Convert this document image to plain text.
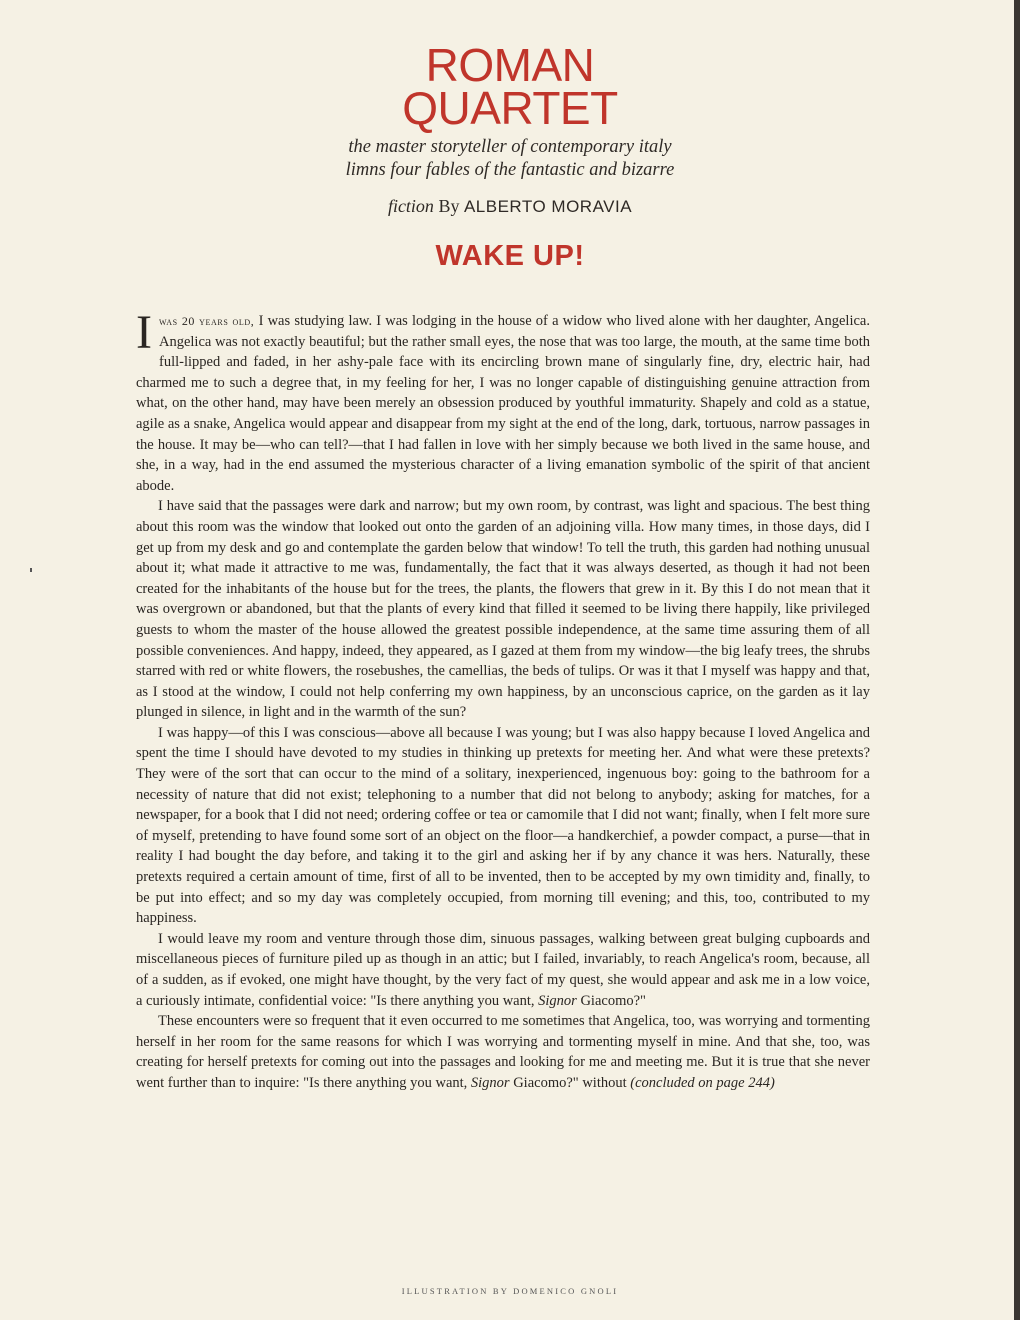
ROMAN
QUARTET
the master storyteller of contemporary italy
limns four fables of the fantastic and bizarre
fiction By ALBERTO MORAVIA
WAKE UP!

Iwas 20 years old, I was studying law. I was lodging in the house of a widow who lived alone with her daughter, Angelica. Angelica was not exactly beautiful; but the rather small eyes, the nose that was too large, the mouth, at the same time both full-lipped and faded, in her ashy-pale face with its encircling brown mane of singularly fine, dry, electric hair, had charmed me to such a degree that, in my feeling for her, I was no longer capable of distinguishing genuine attraction from what, on the other hand, may have been merely an obsession produced by youthful immaturity. Shapely and cold as a statue, agile as a snake, Angelica would appear and disappear from my sight at the end of the long, dark, tortuous, narrow passages in the house. It may be—who can tell?—that I had fallen in love with her simply because we both lived in the same house, and she, in a way, had in the end assumed the mysterious character of a living emanation symbolic of the spirit of that ancient abode.

I have said that the passages were dark and narrow; but my own room, by contrast, was light and spacious. The best thing about this room was the window that looked out onto the garden of an adjoining villa. How many times, in those days, did I get up from my desk and go and contemplate the garden below that window! To tell the truth, this garden had nothing unusual about it; what made it attractive to me was, fundamentally, the fact that it was always deserted, as though it had not been created for the inhabitants of the house but for the trees, the plants, the flowers that grew in it. By this I do not mean that it was overgrown or abandoned, but that the plants of every kind that filled it seemed to be living there happily, like privileged guests to whom the master of the house allowed the greatest possible independence, at the same time assuring them of all possible conveniences. And happy, indeed, they appeared, as I gazed at them from my window—the big leafy trees, the shrubs starred with red or white flowers, the rosebushes, the camellias, the beds of tulips. Or was it that I myself was happy and that, as I stood at the window, I could not help conferring my own happiness, by an unconscious caprice, on the garden as it lay plunged in silence, in light and in the warmth of the sun?

I was happy—of this I was conscious—above all because I was young; but I was also happy because I loved Angelica and spent the time I should have devoted to my studies in thinking up pretexts for meeting her. And what were these pretexts? They were of the sort that can occur to the mind of a solitary, inexperienced, ingenuous boy: going to the bathroom for a necessity of nature that did not exist; telephoning to a number that did not belong to anybody; asking for matches, for a newspaper, for a book that I did not need; ordering coffee or tea or camomile that I did not want; finally, when I felt more sure of myself, pretending to have found some sort of an object on the floor—a handkerchief, a powder compact, a purse—that in reality I had bought the day before, and taking it to the girl and asking her if by any chance it was hers. Naturally, these pretexts required a certain amount of time, first of all to be invented, then to be accepted by my own timidity and, finally, to be put into effect; and so my day was completely occupied, from morning till evening; and this, too, contributed to my happiness.

I would leave my room and venture through those dim, sinuous passages, walking between great bulging cupboards and miscellaneous pieces of furniture piled up as though in an attic; but I failed, invariably, to reach Angelica's room, because, all of a sudden, as if evoked, one might have thought, by the very fact of my quest, she would appear and ask me in a low voice, a curiously intimate, confidential voice: "Is there anything you want, Signor Giacomo?"

These encounters were so frequent that it even occurred to me sometimes that Angelica, too, was worrying and tormenting herself in her room for the same reasons for which I was worrying and tormenting myself in mine. And that she, too, was creating for herself pretexts for coming out into the passages and looking for me and meeting me. But it is true that she never went further than to inquire: "Is there anything you want, Signor Giacomo?" without (concluded on page 244)

ILLUSTRATION BY DOMENICO GNOLI
